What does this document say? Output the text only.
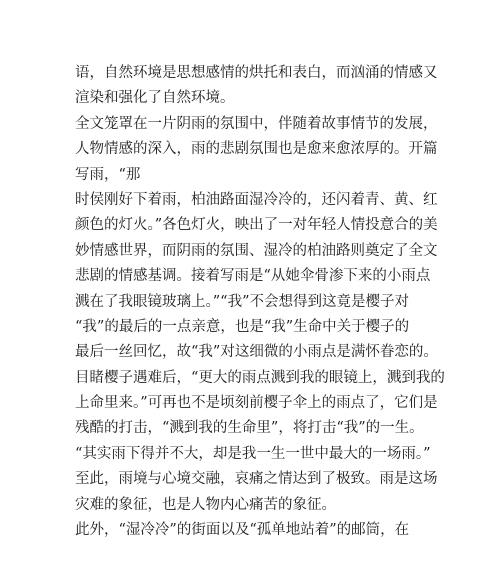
语，自然环境是思想感情的烘托和表白，而汹涌的情感又
渲染和强化了自然环境。
全文笼罩在一片阴雨的氛围中，伴随着故事情节的发展，
人物情感的深入，雨的悲剧氛围也是愈来愈浓厚的。开篇
写雨，“那
时侯刚好下着雨，柏油路面湿冷冷的，还闪着青、黄、红
颜色的灯火。”各色灯火，映出了一对年轻人情投意合的美
妙情感世界，而阴雨的氛围、湿冷的柏油路则奠定了全文
悲剧的情感基调。接着写雨是“从她伞骨渗下来的小雨点
溅在了我眼镜玻璃上。”“我”不会想得到这竟是樱子对
“我”的最后的一点亲意，也是“我”生命中关于樱子的
最后一丝回忆，故“我”对这细微的小雨点是满怀眷恋的。
目睹樱子遇难后，“更大的雨点溅到我的眼镜上，溅到我的
上命里来。”可再也不是顷刻前樱子伞上的雨点了，它们是
残酷的打击，“溅到我的生命里”，将打击“我”的一生。
“其实雨下得并不大，却是我一生一世中最大的一场雨。”
至此，雨境与心境交融，哀痛之情达到了极致。雨是这场
灾难的象征，也是人物内心痛苦的象征。
此外，“湿冷冷”的街面以及“孤单地站着”的邮筒，在
